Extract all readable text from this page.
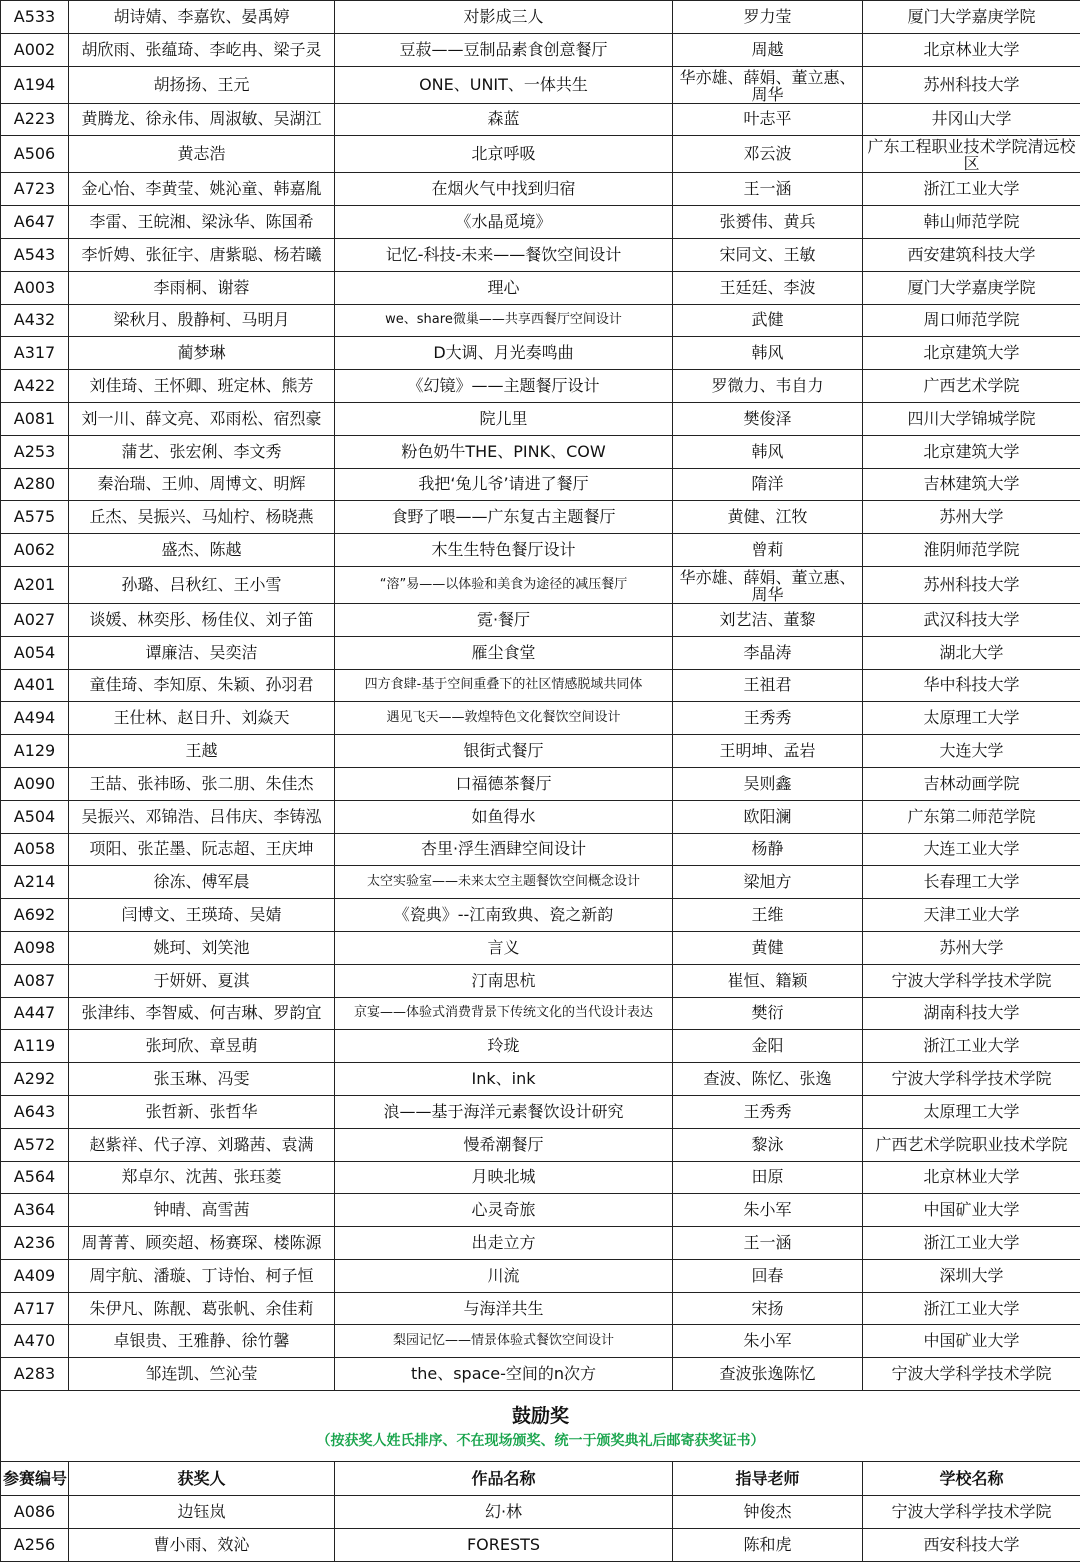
A533	胡诗婧、李嘉钦、晏禹婷	对影成三人	罗力莹	厦门大学嘉庚学院
A002	胡欣雨、张蕴琦、李屹冉、梁子灵	豆菽——豆制品素食创意餐厅	周越	北京林业大学
A194	胡扬扬、王元	ONE、UNIT、一体共生	华亦雄、薛娟、董立惠、周华	苏州科技大学
A223	黄腾龙、徐永伟、周淑敏、吴湖江	森蓝	叶志平	井冈山大学
A506	黄志浩	北京呼吸	邓云波	广东工程职业技术学院清远校区
A723	金心怡、李黄莹、姚沁童、韩嘉胤	在烟火气中找到归宿	王一涵	浙江工业大学
A647	李雷、王皖湘、梁泳华、陈国希	《水晶觅境》	张赟伟、黄兵	韩山师范学院
A543	李忻娉、张征宇、唐紫聪、杨若曦	记忆-科技-未来——餐饮空间设计	宋同文、王敏	西安建筑科技大学
A003	李雨桐、谢蓉	理心	王廷廷、李波	厦门大学嘉庚学院
A432	梁秋月、殷静柯、马明月	we、share微巢——共享西餐厅空间设计	武健	周口师范学院
A317	蔺梦琳	D大调、月光奏鸣曲	韩风	北京建筑大学
A422	刘佳琦、王怀卿、班定林、熊芳	《幻镜》——主题餐厅设计	罗微力、韦自力	广西艺术学院
A081	刘一川、薛文亮、邓雨松、宿烈豪	院儿里	樊俊泽	四川大学锦城学院
A253	蒲艺、张宏俐、李文秀	粉色奶牛THE、PINK、COW	韩风	北京建筑大学
A280	秦治瑞、王帅、周博文、明辉	我把‘兔儿爷’请进了餐厅	隋洋	吉林建筑大学
A575	丘杰、吴振兴、马灿柠、杨晓燕	食野了喂——广东复古主题餐厅	黄健、江牧	苏州大学
A062	盛杰、陈越	木生生特色餐厅设计	曾莉	淮阴师范学院
A201	孙璐、吕秋红、王小雪	“溶”易——以体验和美食为途径的减压餐厅	华亦雄、薛娟、董立惠、周华	苏州科技大学
A027	谈媛、林奕彤、杨佳仪、刘子笛	霓·餐厅	刘艺洁、董黎	武汉科技大学
A054	谭廉洁、吴奕洁	雁尘食堂	李晶涛	湖北大学
A401	童佳琦、李知原、朱颖、孙羽君	四方食肆-基于空间重叠下的社区情感脱域共同体	王祖君	华中科技大学
A494	王仕林、赵日升、刘焱天	遇见飞天——敦煌特色文化餐饮空间设计	王秀秀	太原理工大学
A129	王越	银街式餐厅	王明坤、孟岩	大连大学
A090	王喆、张祎旸、张二朋、朱佳杰	口福德茶餐厅	吴则鑫	吉林动画学院
A504	吴振兴、邓锦浩、吕伟庆、李铸泓	如鱼得水	欧阳澜	广东第二师范学院
A058	项阳、张芷墨、阮志超、王庆坤	杏里·浮生酒肆空间设计	杨静	大连工业大学
A214	徐冻、傅军晨	太空实验室——未来太空主题餐饮空间概念设计	梁旭方	长春理工大学
A692	闫博文、王瑛琦、吴婧	《瓷典》--江南致典、瓷之新韵	王维	天津工业大学
A098	姚珂、刘笑池	言义	黄健	苏州大学
A087	于妍妍、夏淇	汀南思杭	崔恒、籍颖	宁波大学科学技术学院
A447	张津纬、李智威、何吉琳、罗韵宜	京宴——体验式消费背景下传统文化的当代设计表达	樊衍	湖南科技大学
A119	张珂欣、章昱萌	玲珑	金阳	浙江工业大学
A292	张玉琳、冯雯	Ink、ink	查波、陈忆、张逸	宁波大学科学技术学院
A643	张哲新、张哲华	浪——基于海洋元素餐饮设计研究	王秀秀	太原理工大学
A572	赵紫祥、代子淳、刘璐茜、袁满	慢希潮餐厅	黎泳	广西艺术学院职业技术学院
A564	郑卓尔、沈茜、张珏菱	月映北城	田原	北京林业大学
A364	钟晴、高雪茜	心灵奇旅	朱小军	中国矿业大学
A236	周菁菁、顾奕超、杨赛琛、楼陈源	出走立方	王一涵	浙江工业大学
A409	周宇航、潘璇、丁诗怡、柯子恒	川流	回春	深圳大学
A717	朱伊凡、陈靓、葛张帆、余佳莉	与海洋共生	宋扬	浙江工业大学
A470	卓银贵、王雅静、徐竹馨	梨园记忆——情景体验式餐饮空间设计	朱小军	中国矿业大学
A283	邹连凯、竺沁莹	the、space-空间的n次方	查波张逸陈忆	宁波大学科学技术学院

鼓励奖
（按获奖人姓氏排序、不在现场颁奖、统一于颁奖典礼后邮寄获奖证书）				

参赛编号	获奖人	作品名称	指导老师	学校名称
A086	边钰岚	幻·林	钟俊杰	宁波大学科学技术学院
A256	曹小雨、效沁	FORESTS	陈和虎	西安科技大学
